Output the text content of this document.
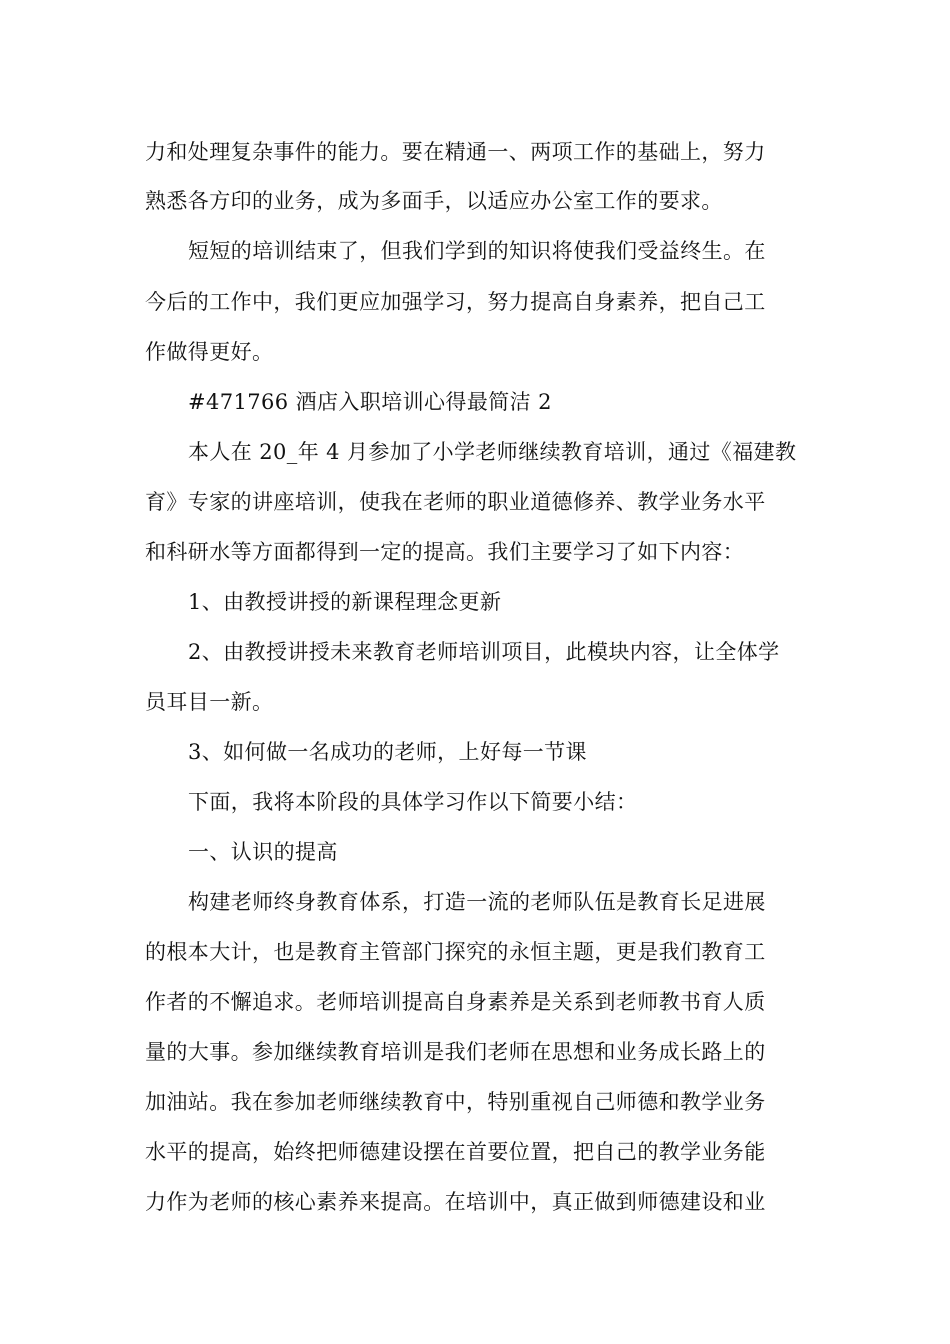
力和处理复杂事件的能力。要在精通一、两项工作的基础上，努力
熟悉各方印的业务，成为多面手，以适应办公室工作的要求。
短短的培训结束了，但我们学到的知识将使我们受益终生。在
今后的工作中，我们更应加强学习，努力提高自身素养，把自己工
作做得更好。
#471766 酒店入职培训心得最简洁 2
本人在 20_年 4 月参加了小学老师继续教育培训，通过《福建教
育》专家的讲座培训，使我在老师的职业道德修养、教学业务水平
和科研水等方面都得到一定的提高。我们主要学习了如下内容：
1、由教授讲授的新课程理念更新
2、由教授讲授未来教育老师培训项目，此模块内容，让全体学
员耳目一新。
3、如何做一名成功的老师，上好每一节课
下面，我将本阶段的具体学习作以下简要小结：
一、认识的提高
构建老师终身教育体系，打造一流的老师队伍是教育长足进展
的根本大计，也是教育主管部门探究的永恒主题，更是我们教育工
作者的不懈追求。老师培训提高自身素养是关系到老师教书育人质
量的大事。参加继续教育培训是我们老师在思想和业务成长路上的
加油站。我在参加老师继续教育中，特别重视自己师德和教学业务
水平的提高，始终把师德建设摆在首要位置，把自己的教学业务能
力作为老师的核心素养来提高。在培训中，真正做到师德建设和业
